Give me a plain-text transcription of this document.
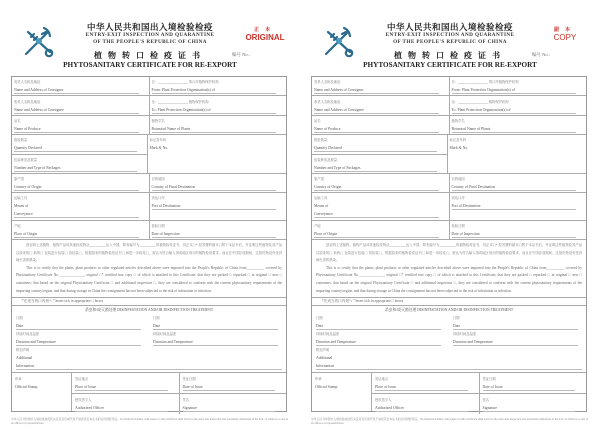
中华人民共和国出入境检验检疫
ENTRY-EXIT INSPECTION AND QUARANTINE
OF THE PEOPLE'S REPUBLIC OF CHINA
正本
ORIGINAL
植物转口检疫证书	编号 No.:
PHYTOSANITARY CERTIFICATE FOR RE-EXPORT
发货人名称及地址
Name and Address of Consignor
自：__________________ 的口岸植物保护机构
From: Plant Protection Organization(s) of
收货人名称及地址
Name and Address of Consignee
至：__________________ 植物保护机构
To: Plant Protection Organization(s) of
品名
Name of Produce
植物学名
Botanical Name of Plants
报检数量
Quantity Declared
包装种类及数量
Number and Type of Packages
标记及号码
Mark & No.
原产国
Country of Origin
目的地国
Country of Final Destination
运输工具
Means of
Conveyance
到达口岸
Port of Destination
产地
Place of Origin
检验日期
Date of Inspection

兹证明上述植物、植物产品或其他检疫物从__________运入中国，附有编号为__________的植物检疫证书，其正本□* 经签署的副本□附于本证书后，并证明这些植物及其产品以原来的□ 新的□ 包装进行包装□ 再包装□，根据原来的植物检疫证书□ 和进一步检疫□，被认为符合输入国或地区现行的植物检疫要求，而且在中国存放期间，这批货物没有受到病虫害的感染。

This is to certify that the plants, plant products or other regulated articles described above were imported into the People's Republic of China from__________ covered by Phytosanitary Certificate No.______________, original □* certified true copy □ of which is attached to this Certificate; that they are packed □ repacked □ in original □ new □ containers; that based on the original Phytosanitary Certificate □ and additional inspection □, they are considered to conform with the current phytosanitary requirements of the importing country/region, and that during storage in China the consignment has not been subjected to the risk of infestation or infection.

*在适当的口内划“✓” Insert tick in appropriate □ boxes
杀虫和/或灭菌处理 DISINFESTATION AND/OR DISINFECTION TREATMENT
日期
Date
持续时间及温度
Duration and Temperature
日期
Date
持续时间及温度
Duration and Temperature
附加声明
Additional
Information
印章
Official Stamp
签证地点
Place of Issue
签证日期
Date of Issue
授权签字人
Authorized Officer
签名
Signature
中华人民共和国出入境检验检疫机关及其官员或代表不承担签发本证书的任何财经责任。No financial liability with respect to this certificate shall attach to the entry-exit inspection and quarantine authorities of the P. R. of China or to any of its officers or representatives.
中华人民共和国出入境检验检疫
ENTRY-EXIT INSPECTION AND QUARANTINE
OF THE PEOPLE'S REPUBLIC OF CHINA
副本
COPY
植物转口检疫证书	编号 No.:
PHYTOSANITARY CERTIFICATE FOR RE-EXPORT
发货人名称及地址
Name and Address of Consignor
自：__________________ 的口岸植物保护机构
From: Plant Protection Organization(s) of
收货人名称及地址
Name and Address of Consignee
至：__________________ 植物保护机构
To: Plant Protection Organization(s) of
品名
Name of Produce
植物学名
Botanical Name of Plants
报检数量
Quantity Declared
包装种类及数量
Number and Type of Packages
标记及号码
Mark & No.
原产国
Country of Origin
目的地国
Country of Final Destination
运输工具
Means of
Conveyance
到达口岸
Port of Destination
产地
Place of Origin
检验日期
Date of Inspection

兹证明上述植物、植物产品或其他检疫物从__________运入中国，附有编号为__________的植物检疫证书，其正本□* 经签署的副本□附于本证书后，并证明这些植物及其产品以原来的□ 新的□ 包装进行包装□ 再包装□，根据原来的植物检疫证书□ 和进一步检疫□，被认为符合输入国或地区现行的植物检疫要求，而且在中国存放期间，这批货物没有受到病虫害的感染。

This is to certify that the plants, plant products or other regulated articles described above were imported into the People's Republic of China from__________ covered by Phytosanitary Certificate No.______________, original □* certified true copy □ of which is attached to this Certificate; that they are packed □ repacked □ in original □ new □ containers; that based on the original Phytosanitary Certificate □ and additional inspection □, they are considered to conform with the current phytosanitary requirements of the importing country/region, and that during storage in China the consignment has not been subjected to the risk of infestation or infection.

*在适当的口内划“✓” Insert tick in appropriate □ boxes
杀虫和/或灭菌处理 DISINFESTATION AND/OR DISINFECTION TREATMENT
日期
Date
持续时间及温度
Duration and Temperature
日期
Date
持续时间及温度
Duration and Temperature
附加声明
Additional
Information
印章
Official Stamp
签证地点
Place of Issue
签证日期
Date of Issue
授权签字人
Authorized Officer
签名
Signature
中华人民共和国出入境检验检疫机关及其官员或代表不承担签发本证书的任何财经责任。No financial liability with respect to this certificate shall attach to the entry-exit inspection and quarantine authorities of the P. R. of China or to any of its officers or representatives.
